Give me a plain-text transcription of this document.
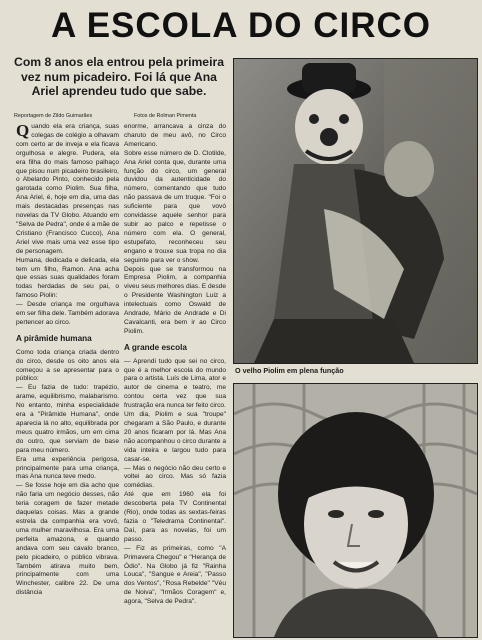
A ESCOLA DO CIRCO
Com 8 anos ela entrou pela primeira vez num picadeiro. Foi lá que Ana Ariel aprendeu tudo que sabe.
Reportagem de Zildo Guimarães	Fotos de Rolman Pimenta

Quando ela era criança, suas colegas de colégio a olhavam com certo ar de inveja e ela ficava orgulhosa e alegre. Pudera, ela era filha do mais famoso palhaço que pisou num picadeiro brasileiro, o Abelardo Pinto, conhecido pela garotada como Piolim. Sua filha, Ana Ariel, é, hoje em dia, uma das mais destacadas presenças nas novelas da TV Globo. Atuando em "Selva de Pedra", onde é a mãe de Cristiano (Francisco Cucco), Ana Ariel vive mais uma vez esse tipo de personagem.

Humana, dedicada e delicada, ela tem um filho, Ramon. Ana acha que essas suas qualidades foram todas herdadas de seu pai, o famoso Piolin:

— Desde criança me orgulhava em ser filha dele. Também adorava pertencer ao circo.

A pirâmide humana

Como toda criança criada dentro do circo, desde os oito anos ela começou a se apresentar para o público:

— Eu fazia de tudo: trapézio, arame, equilibrismo, malabarismo. No entanto, minha especialidade era a "Pirâmide Humana", onde aparecia lá no alto, equilibrada por meus quatro irmãos, um em cima do outro, que serviam de base para meu número.

Era uma experiência perigosa, principalmente para uma criança, mas Ana nunca teve medo.

— Se fosse hoje em dia acho que não faria um negócio desses, não teria coragem de fazer metade daquelas coisas. Mas a grande estrela da companhia era vovó, uma mulher maravilhosa. Era uma perfeita amazona, e quando andava com seu cavalo branco, pelo picadeiro, o público vibrava. Também atirava muito bem, principalmente com uma Winchester, calibre 22. De uma distância

enorme, arrancava a cinza do charuto de meu avô, no Circo Americano.

Sobre esse número de D. Clotilde, Ana Ariel conta que, durante uma função do circo, um general duvidou da autenticidade do número, comentando que tudo não passava de um truque. "Foi o suficiente para que vovó convidasse aquele senhor para subir ao palco e repetisse o número com ela. O general, estupefato, reconheceu seu engano e trouxe sua tropa no dia seguinte para ver o show.

Depois que se transformou na Empresa Piolim, a companhia viveu seus melhores dias. E desde o Presidente Washington Luiz a intelectuais como Oswald de Andrade, Mário de Andrade e Di Cavalcanti, era bem ir ao Circo Piolim.

A grande escola

— Aprendi tudo que sei no circo, que é a melhor escola do mundo para o artista. Luís de Lima, ator e autor de cinema e teatro, me contou certa vez que sua frustração era nunca ter feito circo.

Um dia, Piolim e sua "troupe" chegaram a São Paulo, e durante 20 anos ficaram por lá. Mas Ana não acompanhou o circo durante a vida inteira e largou tudo para casar-se.

— Mas o negócio não deu certo e voltei ao circo. Mas só fazia comédias.

Até que em 1960 ela foi descoberta pela TV Continental (Rio), onde todas as sextas-feiras fazia o "Teledrama Continental". Daí, para as novelas, foi um passo.

— Fiz as primeiras, como "A Primavera Chegou" e "Herança de Ódio". Na Globo já fiz "Rainha Louca", "Sangue e Areia", "Passo dos Ventos", "Rosa Rebelde" "Véu de Noiva", "Irmãos Coragem" e, agora, "Selva de Pedra".

O velho Piolim em plena função
